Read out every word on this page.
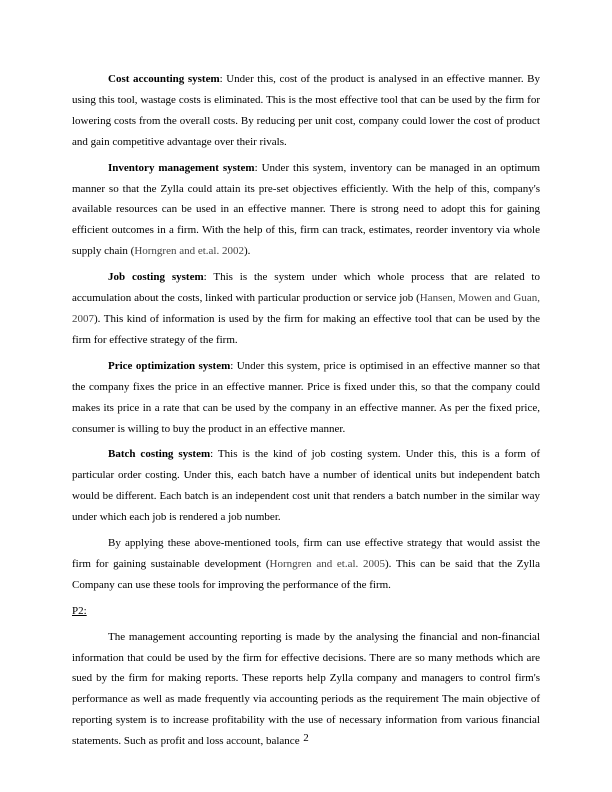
Cost accounting system: Under this, cost of the product is analysed in an effective manner. By using this tool, wastage costs is eliminated. This is the most effective tool that can be used by the firm for lowering costs from the overall costs. By reducing per unit cost, company could lower the cost of product and gain competitive advantage over their rivals.

Inventory management system: Under this system, inventory can be managed in an optimum manner so that the Zylla could attain its pre-set objectives efficiently. With the help of this, company's available resources can be used in an effective manner. There is strong need to adopt this for gaining efficient outcomes in a firm. With the help of this, firm can track, estimates, reorder inventory via whole supply chain (Horngren and et.al. 2002).

Job costing system: This is the system under which whole process that are related to accumulation about the costs, linked with particular production or service job (Hansen, Mowen and Guan, 2007). This kind of information is used by the firm for making an effective tool that can be used by the firm for effective strategy of the firm.

Price optimization system: Under this system, price is optimised in an effective manner so that the company fixes the price in an effective manner. Price is fixed under this, so that the company could makes its price in a rate that can be used by the company in an effective manner. As per the fixed price, consumer is willing to buy the product in an effective manner.

Batch costing system: This is the kind of job costing system. Under this, this is a form of particular order costing. Under this, each batch have a number of identical units but independent batch would be different. Each batch is an independent cost unit that renders a batch number in the similar way under which each job is rendered a job number.

By applying these above-mentioned tools, firm can use effective strategy that would assist the firm for gaining sustainable development (Horngren and et.al. 2005). This can be said that the Zylla Company can use these tools for improving the performance of the firm.

P2:

The management accounting reporting is made by the analysing the financial and non-financial information that could be used by the firm for effective decisions. There are so many methods which are sued by the firm for making reports. These reports help Zylla company and managers to control firm's performance as well as made frequently via accounting periods as the requirement The main objective of reporting system is to increase profitability with the use of necessary information from various financial statements. Such as profit and loss account, balance 2
